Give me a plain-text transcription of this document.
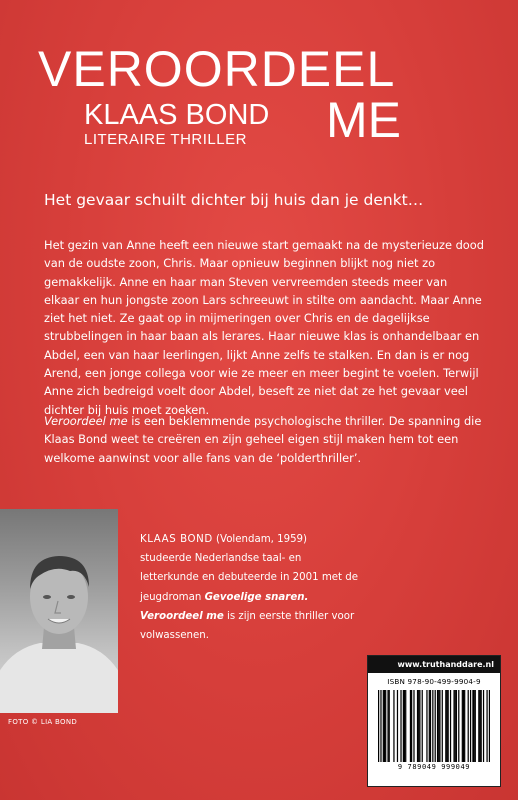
VEROORDEEL
KLAAS BOND
LITERAIRE THRILLER ME
Het gevaar schuilt dichter bij huis dan je denkt…

Het gezin van Anne heeft een nieuwe start gemaakt na de mysterieuze dood van de oudste zoon, Chris. Maar opnieuw beginnen blijkt nog niet zo gemakkelijk. Anne en haar man Steven vervreemden steeds meer van elkaar en hun jongste zoon Lars schreeuwt in stilte om aandacht. Maar Anne ziet het niet. Ze gaat op in mijmeringen over Chris en de dagelijkse strubbelingen in haar baan als lerares. Haar nieuwe klas is onhandelbaar en Abdel, een van haar leerlingen, lijkt Anne zelfs te stalken. En dan is er nog Arend, een jonge collega voor wie ze meer en meer begint te voelen. Terwijl Anne zich bedreigd voelt door Abdel, beseft ze niet dat ze het gevaar veel dichter bij huis moet zoeken.

Veroordeel me is een beklemmende psychologische thriller. De spanning die Klaas Bond weet te creëren en zijn geheel eigen stijl maken hem tot een welkome aanwinst voor alle fans van de ‘polderthriller’.

FOTO © LIA BOND

KLAAS BOND (Volendam, 1959) studeerde Nederlandse taal- en letterkunde en debuteerde in 2001 met de jeugdroman Gevoelige snaren. Veroordeel me is zijn eerste thriller voor volwassenen.

www.truthanddare.nl
ISBN 978-90-499-9904-9
9 789049 999049
